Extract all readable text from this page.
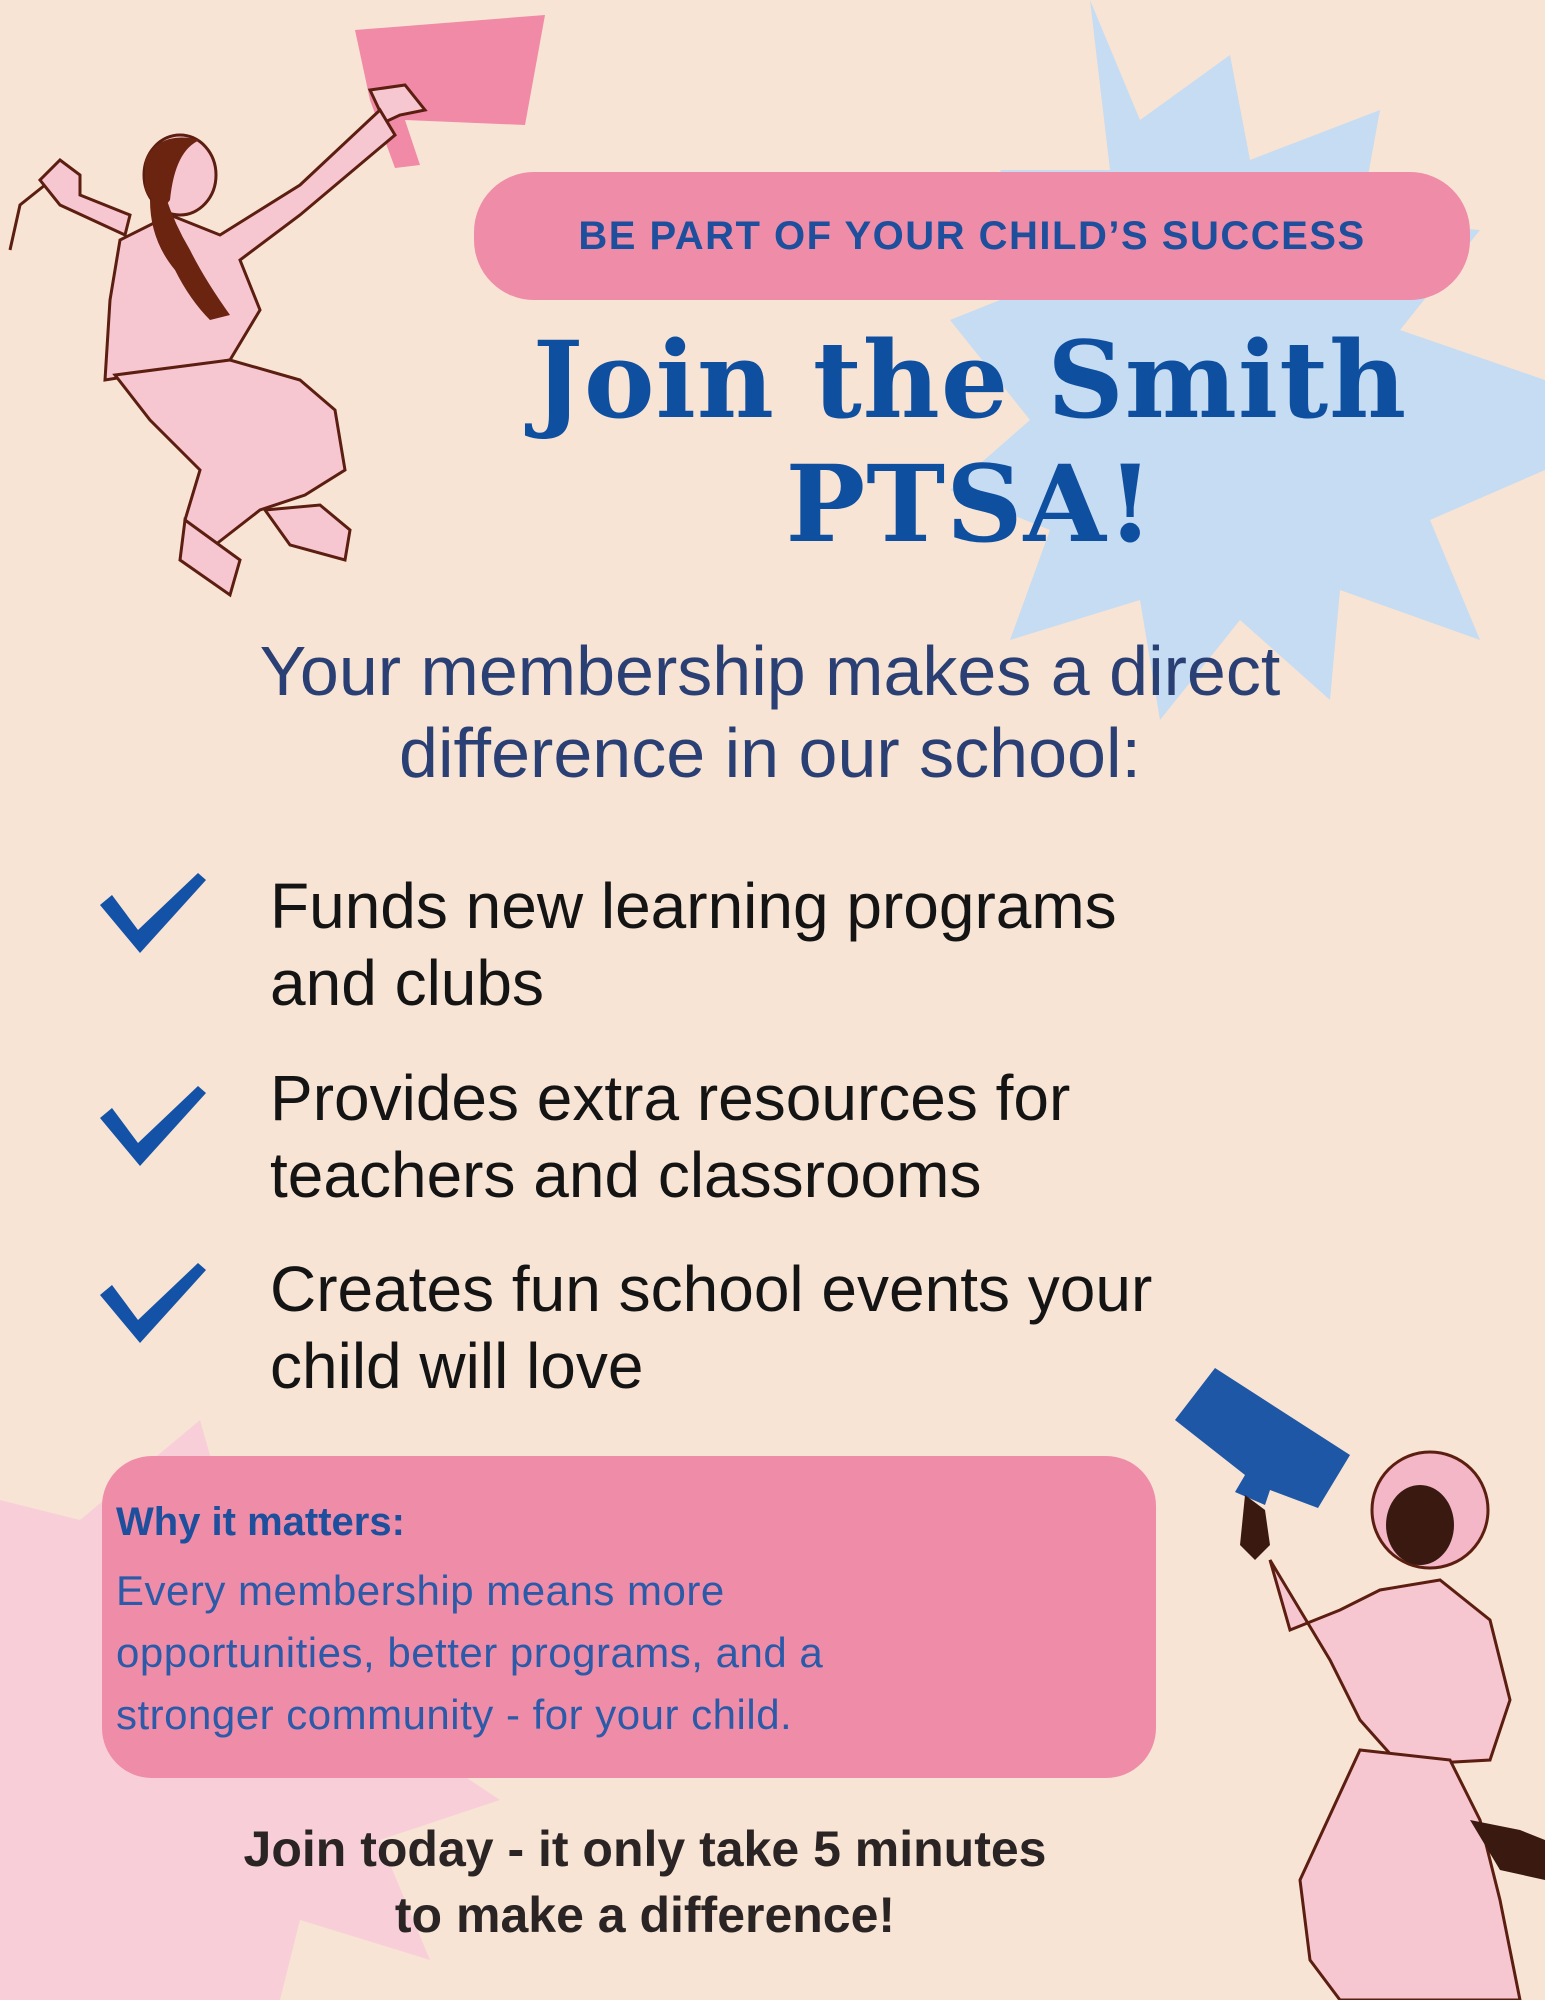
BE PART OF YOUR CHILD’S SUCCESS
Join the Smith
PTSA!
Your membership makes a direct
difference in our school:
Funds new learning programs
and clubs
Provides extra resources for
teachers and classrooms
Creates fun school events your
child will love
Why it matters:
Every membership means more
opportunities, better programs, and a
stronger community - for your child.
Join today - it only take 5 minutes
to make a difference!
